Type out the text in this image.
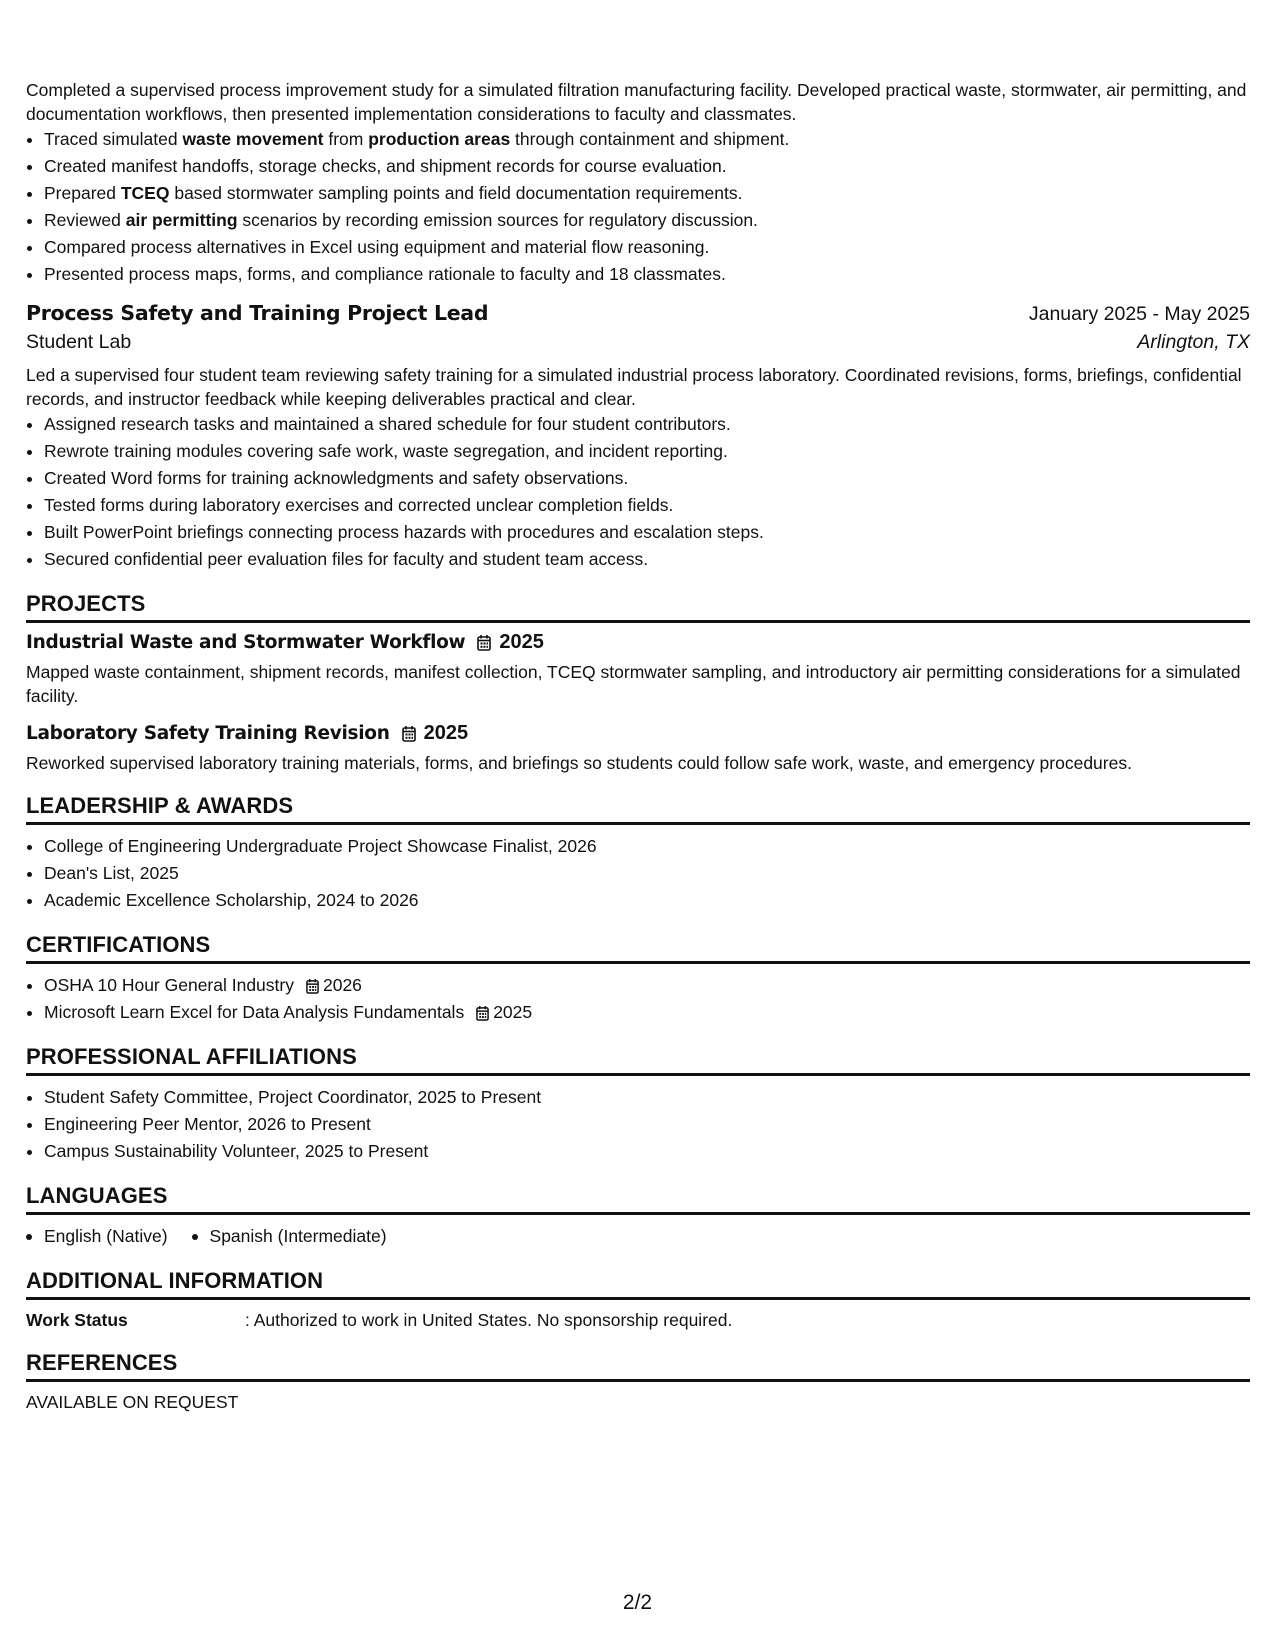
Completed a supervised process improvement study for a simulated filtration manufacturing facility. Developed practical waste, stormwater, air permitting, and documentation workflows, then presented implementation considerations to faculty and classmates.

• Traced simulated waste movement from production areas through containment and shipment.
• Created manifest handoffs, storage checks, and shipment records for course evaluation.
• Prepared TCEQ based stormwater sampling points and field documentation requirements.
• Reviewed air permitting scenarios by recording emission sources for regulatory discussion.
• Compared process alternatives in Excel using equipment and material flow reasoning.
• Presented process maps, forms, and compliance rationale to faculty and 18 classmates.
Process Safety and Training Project Lead	January 2025 - May 2025
Student Lab	Arlington, TX

Led a supervised four student team reviewing safety training for a simulated industrial process laboratory. Coordinated revisions, forms, briefings, confidential records, and instructor feedback while keeping deliverables practical and clear.

• Assigned research tasks and maintained a shared schedule for four student contributors.
• Rewrote training modules covering safe work, waste segregation, and incident reporting.
• Created Word forms for training acknowledgments and safety observations.
• Tested forms during laboratory exercises and corrected unclear completion fields.
• Built PowerPoint briefings connecting process hazards with procedures and escalation steps.
• Secured confidential peer evaluation files for faculty and student team access.
PROJECTS
Industrial Waste and Stormwater Workflow 2025

Mapped waste containment, shipment records, manifest collection, TCEQ stormwater sampling, and introductory air permitting considerations for a simulated facility.

Laboratory Safety Training Revision 2025

Reworked supervised laboratory training materials, forms, and briefings so students could follow safe work, waste, and emergency procedures.

LEADERSHIP & AWARDS
• College of Engineering Undergraduate Project Showcase Finalist, 2026
• Dean's List, 2025
• Academic Excellence Scholarship, 2024 to 2026
CERTIFICATIONS
• OSHA 10 Hour General Industry 2026
• Microsoft Learn Excel for Data Analysis Fundamentals 2025
PROFESSIONAL AFFILIATIONS
• Student Safety Committee, Project Coordinator, 2025 to Present
• Engineering Peer Mentor, 2026 to Present
• Campus Sustainability Volunteer, 2025 to Present
LANGUAGES
English (Native) Spanish (Intermediate)
ADDITIONAL INFORMATION
Work Status	: Authorized to work in United States. No sponsorship required.
REFERENCES

AVAILABLE ON REQUEST

2/2
